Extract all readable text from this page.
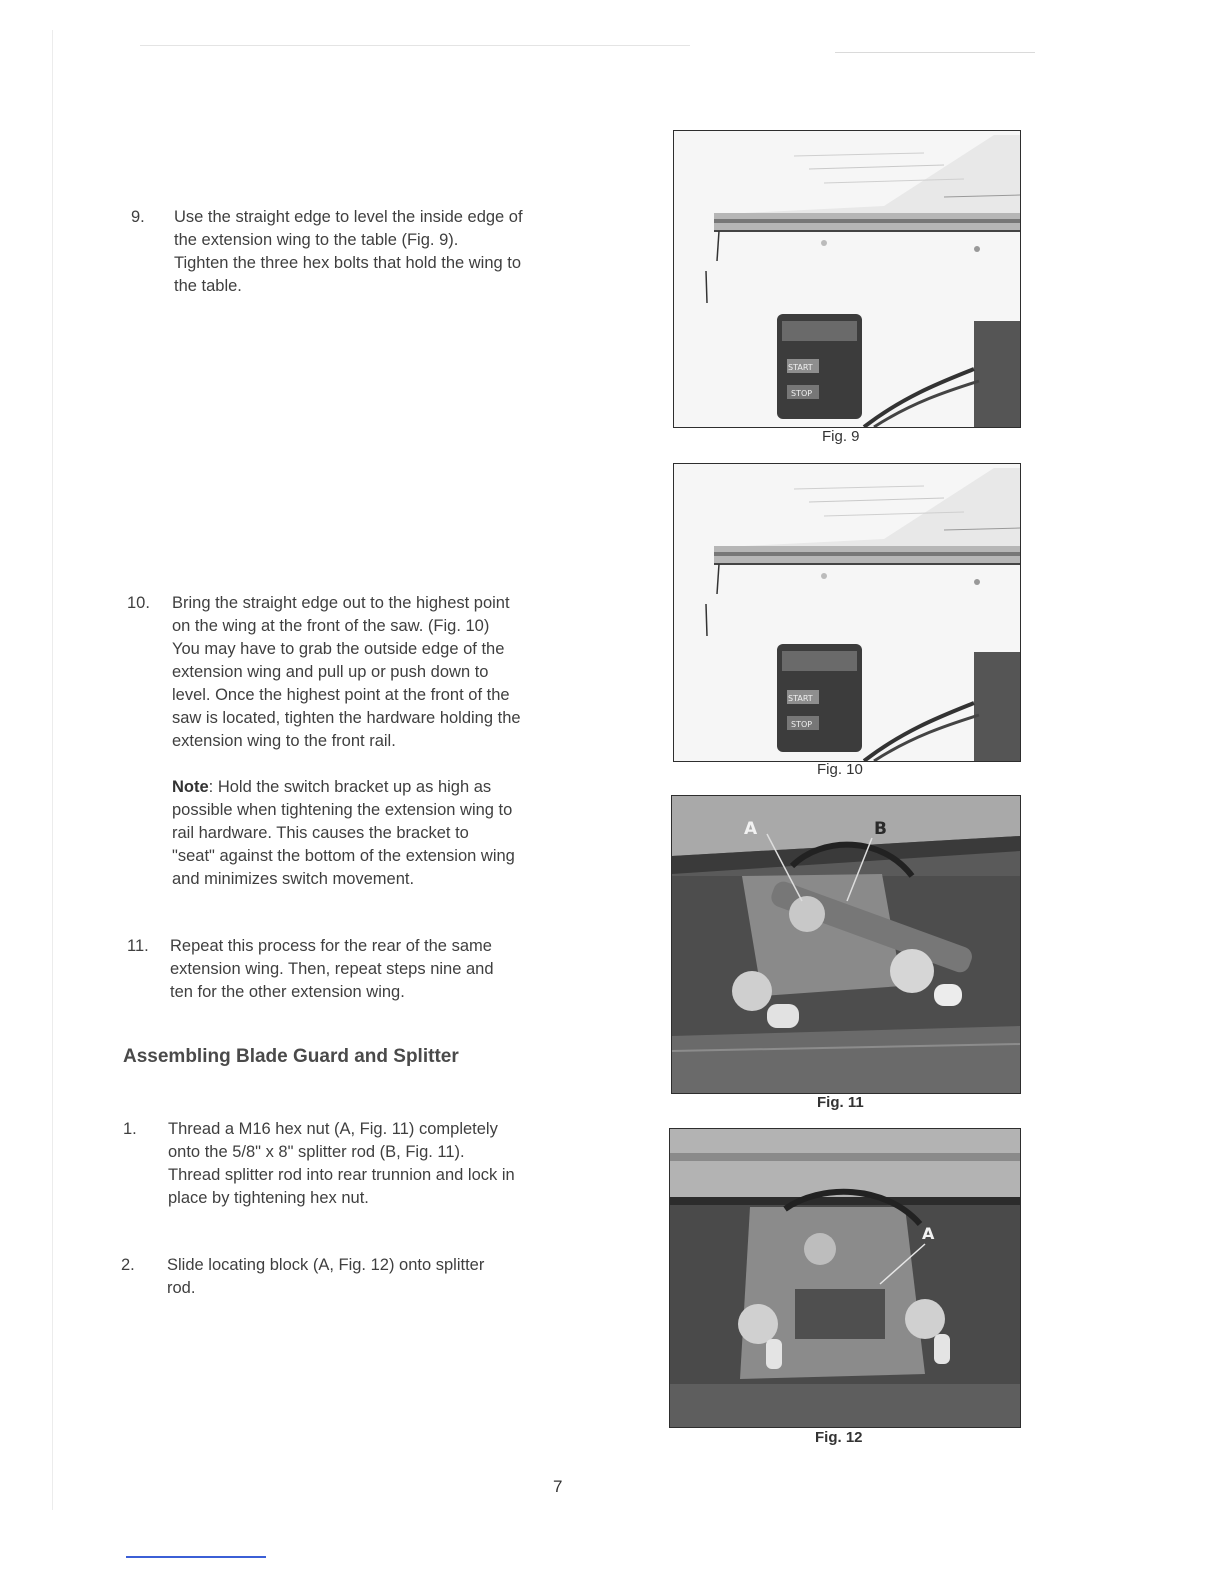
9. Use the straight edge to level the inside edge of
the extension wing to the table (Fig. 9).
Tighten the three hex bolts that hold the wing to
the table.
10. Bring the straight edge out to the highest point
on the wing at the front of the saw. (Fig. 10)
You may have to grab the outside edge of the
extension wing and pull up or push down to
level. Once the highest point at the front of the
saw is located, tighten the hardware holding the
extension wing to the front rail.
Note: Hold the switch bracket up as high as
possible when tightening the extension wing to
rail hardware. This causes the bracket to
"seat" against the bottom of the extension wing
and minimizes switch movement.
11. Repeat this process for the rear of the same
extension wing. Then, repeat steps nine and
ten for the other extension wing.
Assembling Blade Guard and Splitter
1. Thread a M16 hex nut (A, Fig. 11) completely
onto the 5/8" x 8" splitter rod (B, Fig. 11).
Thread splitter rod into rear trunnion and lock in
place by tightening hex nut.
2. Slide locating block (A, Fig. 12) onto splitter
rod.
START
STOP
Fig. 9
START
STOP
Fig. 10
A	B
Fig. 11
A
Fig. 12
7
